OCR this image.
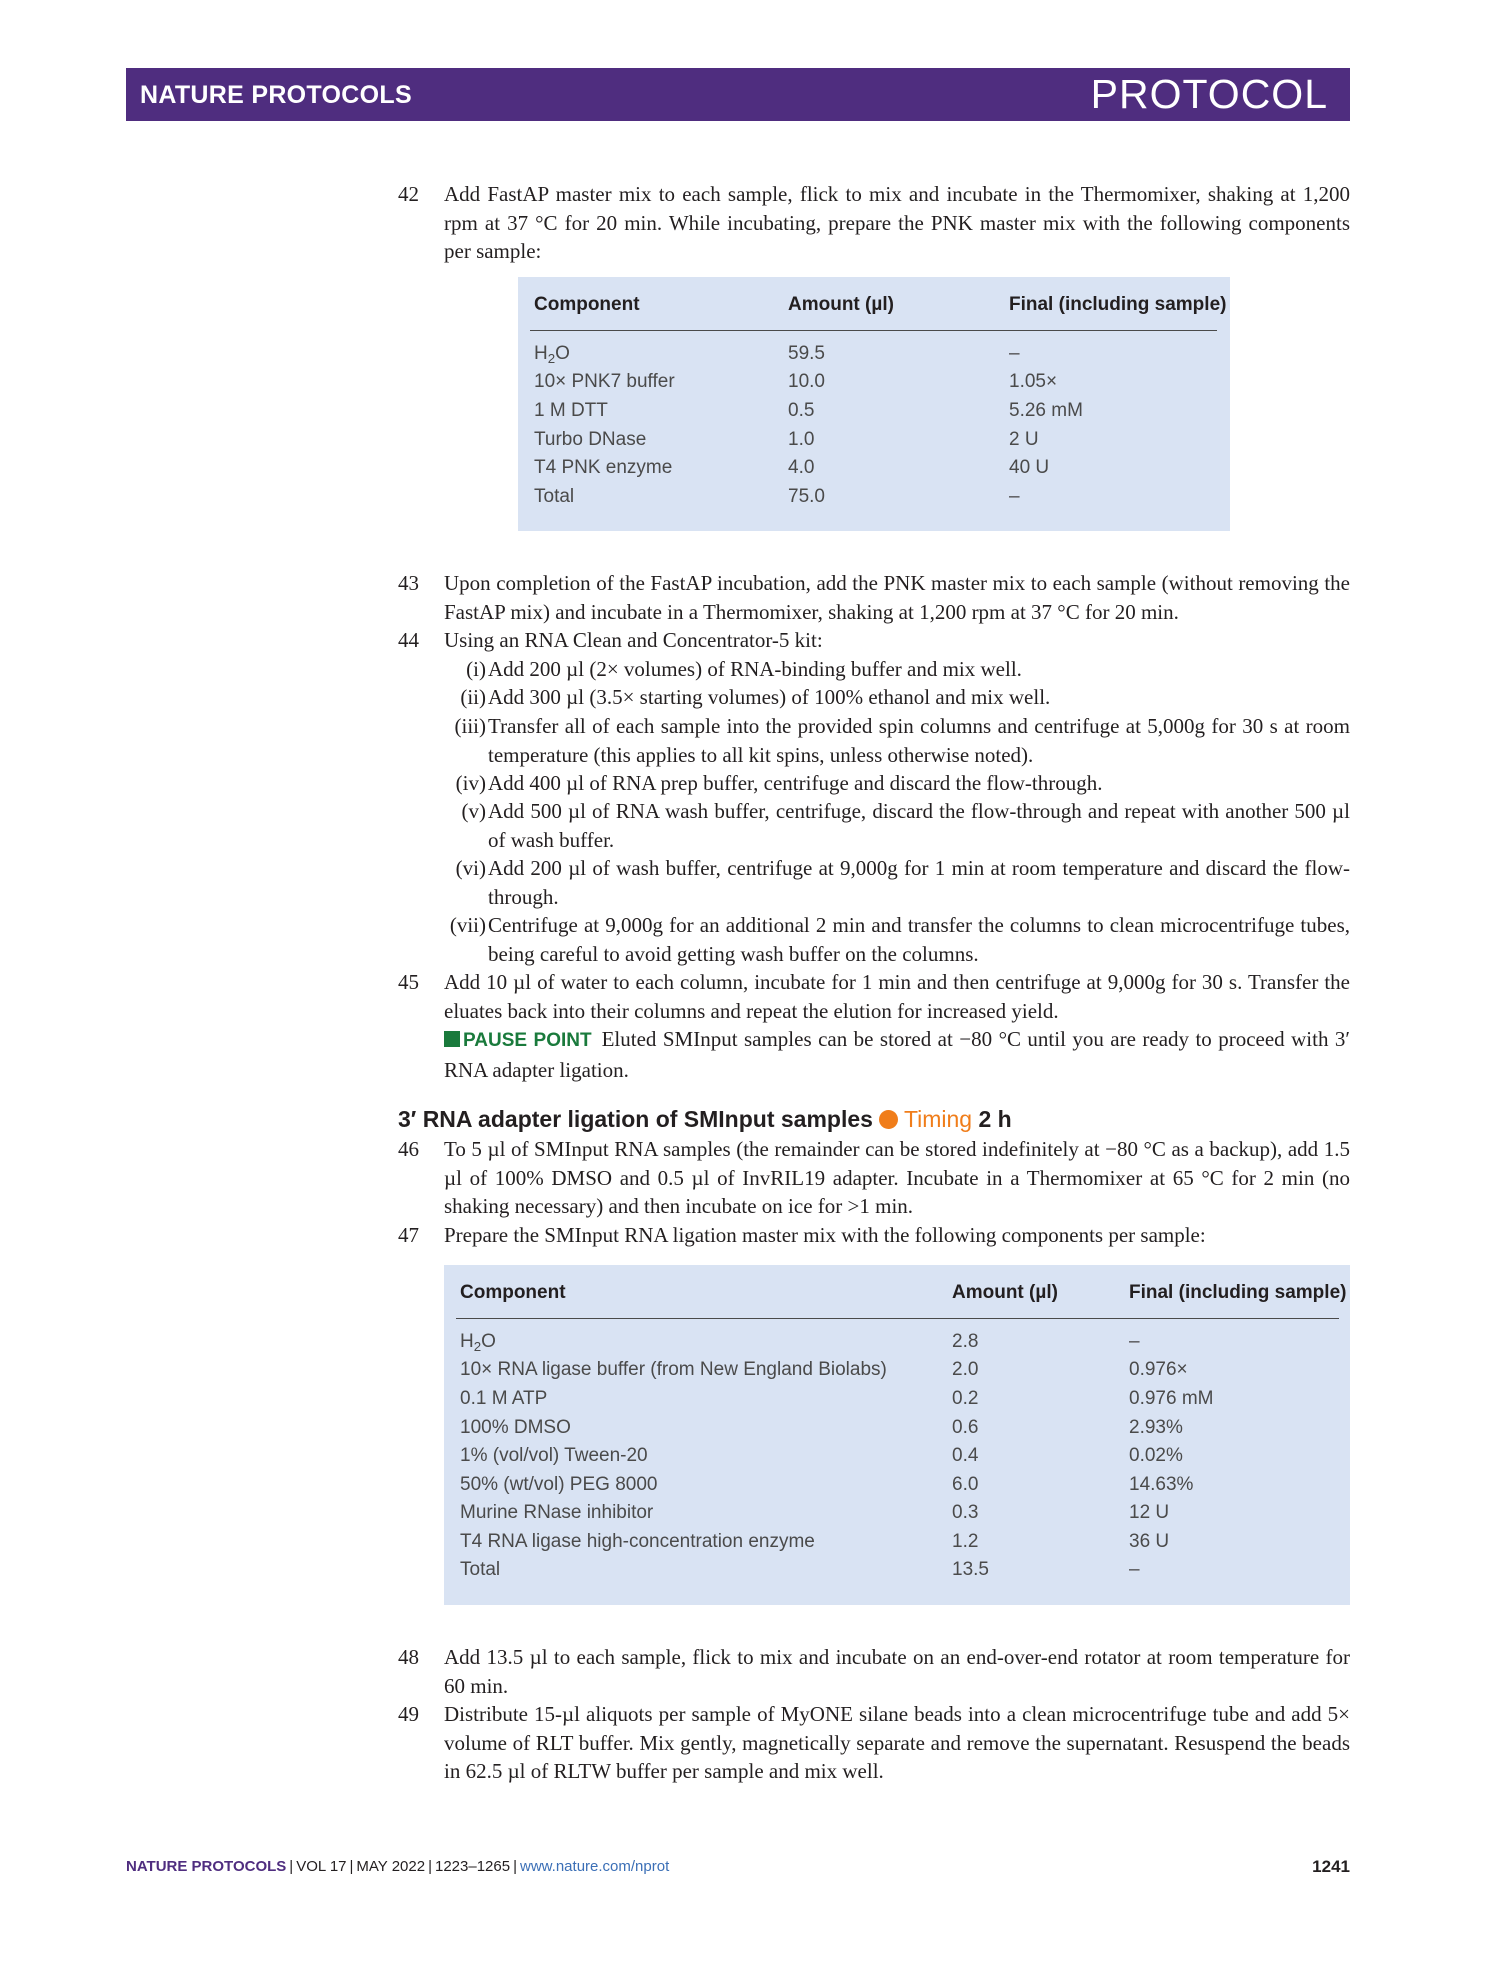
NATURE PROTOCOLS	PROTOCOL
42 Add FastAP master mix to each sample, flick to mix and incubate in the Thermomixer, shaking at 1,200 rpm at 37 °C for 20 min. While incubating, prepare the PNK master mix with the following components per sample:
Component	Amount (µl)	Final (including sample)
$H_2O$	59.5	–
10× PNK7 buffer	10.0	1.05×
1 M DTT	0.5	5.26 mM
Turbo DNase	1.0	2 U
T4 PNK enzyme	4.0	40 U
Total	75.0	–
43 Upon completion of the FastAP incubation, add the PNK master mix to each sample (without removing the FastAP mix) and incubate in a Thermomixer, shaking at 1,200 rpm at 37 °C for 20 min.
44 Using an RNA Clean and Concentrator-5 kit:
(i) Add 200 µl (2× volumes) of RNA-binding buffer and mix well.
(ii) Add 300 µl (3.5× starting volumes) of 100% ethanol and mix well.
(iii) Transfer all of each sample into the provided spin columns and centrifuge at 5,000g for 30 s at room temperature (this applies to all kit spins, unless otherwise noted).
(iv) Add 400 µl of RNA prep buffer, centrifuge and discard the flow-through.
(v) Add 500 µl of RNA wash buffer, centrifuge, discard the flow-through and repeat with another 500 µl of wash buffer.
(vi) Add 200 µl of wash buffer, centrifuge at 9,000g for 1 min at room temperature and discard the flow-through.
(vii) Centrifuge at 9,000g for an additional 2 min and transfer the columns to clean microcentrifuge tubes, being careful to avoid getting wash buffer on the columns.
45 Add 10 µl of water to each column, incubate for 1 min and then centrifuge at 9,000g for 30 s. Transfer the eluates back into their columns and repeat the elution for increased yield.
PAUSE POINT Eluted SMInput samples can be stored at −80 °C until you are ready to proceed with 3′ RNA adapter ligation.
3′ RNA adapter ligation of SMInput samples Timing 2 h
46 To 5 µl of SMInput RNA samples (the remainder can be stored indefinitely at −80 °C as a backup), add 1.5 µl of 100% DMSO and 0.5 µl of InvRIL19 adapter. Incubate in a Thermomixer at 65 °C for 2 min (no shaking necessary) and then incubate on ice for >1 min.
47 Prepare the SMInput RNA ligation master mix with the following components per sample:
Component	Amount (µl)	Final (including sample)
$H_2O$	2.8	–
10× RNA ligase buffer (from New England Biolabs)	2.0	0.976×
0.1 M ATP	0.2	0.976 mM
100% DMSO	0.6	2.93%
1% (vol/vol) Tween-20	0.4	0.02%
50% (wt/vol) PEG 8000	6.0	14.63%
Murine RNase inhibitor	0.3	12 U
T4 RNA ligase high-concentration enzyme	1.2	36 U
Total	13.5	–
48 Add 13.5 µl to each sample, flick to mix and incubate on an end-over-end rotator at room temperature for 60 min.
49 Distribute 15-µl aliquots per sample of MyONE silane beads into a clean microcentrifuge tube and add 5× volume of RLT buffer. Mix gently, magnetically separate and remove the supernatant. Resuspend the beads in 62.5 µl of RLTW buffer per sample and mix well.
NATURE PROTOCOLS | VOL 17 | MAY 2022 | 1223–1265 | www.nature.com/nprot	1241
